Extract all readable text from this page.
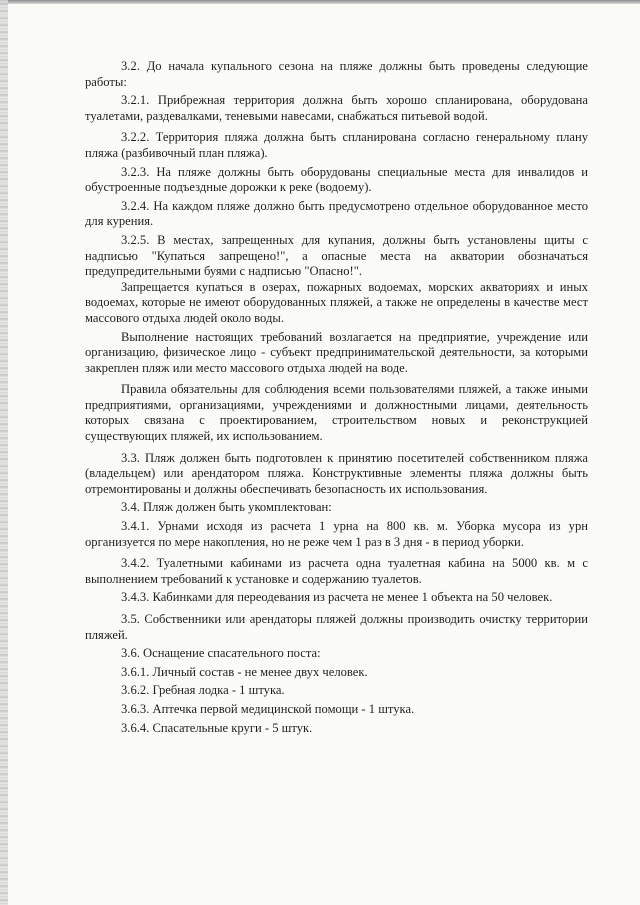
3.2. До начала купального сезона на пляже должны быть проведены следующие работы:

3.2.1. Прибрежная территория должна быть хорошо спланирована, оборудована туалетами, раздевалками, теневыми навесами, снабжаться питьевой водой.

3.2.2. Территория пляжа должна быть спланирована согласно генеральному плану пляжа (разбивочный план пляжа).

3.2.3. На пляже должны быть оборудованы специальные места для инвалидов и обустроенные подъездные дорожки к реке (водоему).

3.2.4. На каждом пляже должно быть предусмотрено отдельное оборудованное место для курения.

3.2.5. В местах, запрещенных для купания, должны быть установлены щиты с надписью "Купаться запрещено!", а опасные места на акватории обозначаться предупредительными буями с надписью "Опасно!".

Запрещается купаться в озерах, пожарных водоемах, морских акваториях и иных водоемах, которые не имеют оборудованных пляжей, а также не определены в качестве мест массового отдыха людей около воды.

Выполнение настоящих требований возлагается на предприятие, учреждение или организацию, физическое лицо - субъект предпринимательской деятельности, за которыми закреплен пляж или место массового отдыха людей на воде.

Правила обязательны для соблюдения всеми пользователями пляжей, а также иными предприятиями, организациями, учреждениями и должностными лицами, деятельность которых связана с проектированием, строительством новых и реконструкцией существующих пляжей, их использованием.

3.3. Пляж должен быть подготовлен к принятию посетителей собственником пляжа (владельцем) или арендатором пляжа. Конструктивные элементы пляжа должны быть отремонтированы и должны обеспечивать безопасность их использования.

3.4. Пляж должен быть укомплектован:

3.4.1. Урнами исходя из расчета 1 урна на 800 кв. м. Уборка мусора из урн организуется по мере накопления, но не реже чем 1 раз в 3 дня - в период уборки.

3.4.2. Туалетными кабинами из расчета одна туалетная кабина на 5000 кв. м с выполнением требований к установке и содержанию туалетов.

3.4.3. Кабинками для переодевания из расчета не менее 1 объекта на 50 человек.

3.5. Собственники или арендаторы пляжей должны производить очистку территории пляжей.

3.6. Оснащение спасательного поста:

3.6.1. Личный состав - не менее двух человек.

3.6.2. Гребная лодка - 1 штука.

3.6.3. Аптечка первой медицинской помощи - 1 штука.

3.6.4. Спасательные круги - 5 штук.
